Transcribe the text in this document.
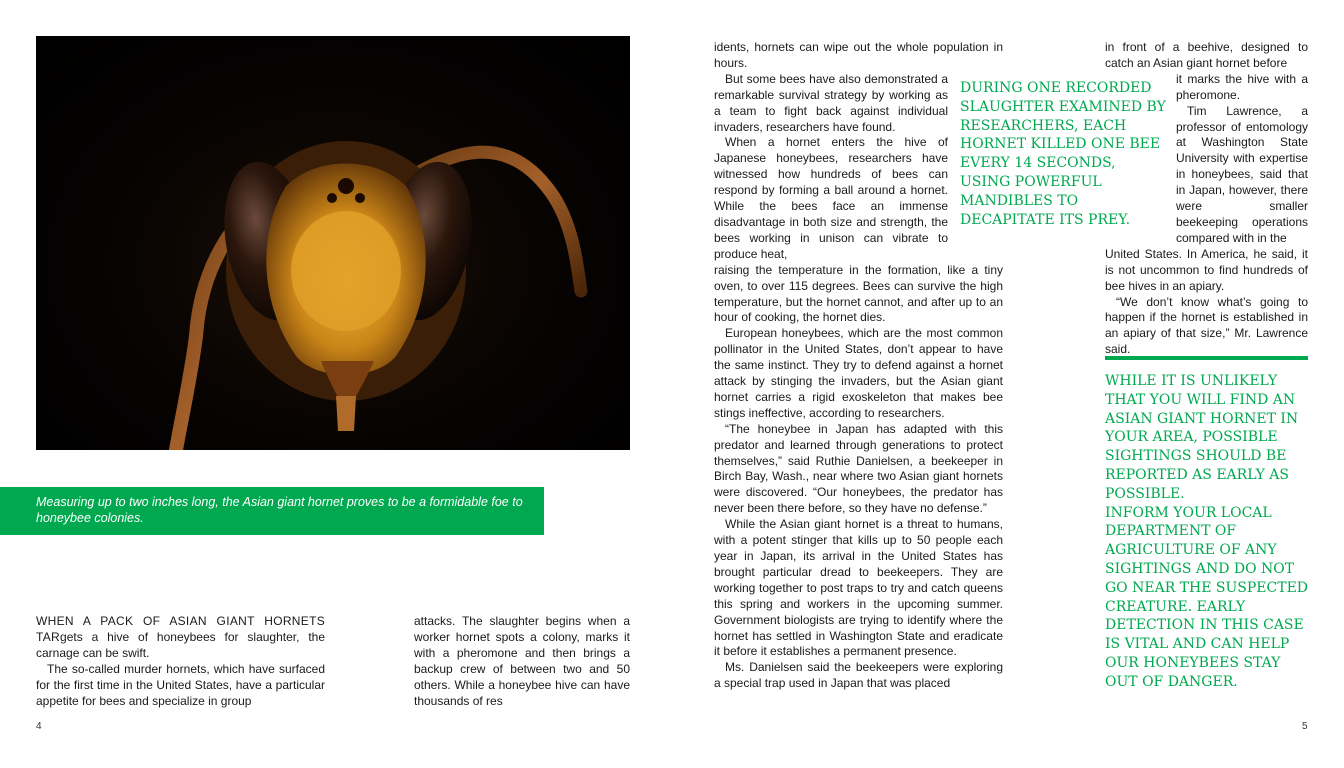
Measuring up to two inches long, the Asian giant hornet proves to be a formidable foe to honeybee colonies.

WHEN A PACK OF ASIAN GIANT HORNETS TARgets a hive of honeybees for slaughter, the carnage can be swift.

The so-called murder hornets, which have surfaced for the first time in the United States, have a particular appetite for bees and specialize in group

attacks. The slaughter begins when a worker hornet spots a colony, marks it with a pheromone and then brings a backup crew of between two and 50 others. While a honeybee hive can have thousands of res

idents, hornets can wipe out the whole population in hours.

But some bees have also demonstrated a remarkable survival strategy by working as a team to fight back against individual invaders, researchers have found.

When a hornet enters the hive of Japanese honeybees, researchers have witnessed how hundreds of bees can respond by forming a ball around a hornet. While the bees face an immense disadvantage in both size and strength, the bees working in unison can vibrate to produce heat,

raising the temperature in the formation, like a tiny oven, to over 115 degrees. Bees can survive the high temperature, but the hornet cannot, and after up to an hour of cooking, the hornet dies.

European honeybees, which are the most common pollinator in the United States, don’t appear to have the same instinct. They try to defend against a hornet attack by stinging the invaders, but the Asian giant hornet carries a rigid exoskeleton that makes bee stings ineffective, according to researchers.

“The honeybee in Japan has adapted with this predator and learned through generations to protect themselves,” said Ruthie Danielsen, a beekeeper in Birch Bay, Wash., near where two Asian giant hornets were discovered. “Our honeybees, the predator has never been there before, so they have no defense.”

While the Asian giant hornet is a threat to humans, with a potent stinger that kills up to 50 people each year in Japan, its arrival in the United States has brought particular dread to beekeepers. They are working together to post traps to try and catch queens this spring and workers in the upcoming summer. Government biologists are trying to identify where the hornet has settled in Washington State and eradicate it before it establishes a permanent presence.

Ms. Danielsen said the beekeepers were exploring a special trap used in Japan that was placed

in front of a beehive, designed to catch an Asian giant hornet before

it marks the hive with a pheromone.

Tim Lawrence, a professor of entomology at Washington State University with expertise in honeybees, said that in Japan, however, there were smaller beekeeping operations compared with in the

United States. In America, he said, it is not uncommon to find hundreds of bee hives in an apiary.

“We don’t know what’s going to happen if the hornet is established in an apiary of that size,” Mr. Lawrence said.

DURING ONE RECORDED SLAUGHTER EXAMINED BY RESEARCHERS, EACH HORNET KILLED ONE BEE EVERY 14 SECONDS, USING POWERFUL MANDIBLES TO DECAPITATE ITS PREY.
WHILE IT IS UNLIKELY THAT YOU WILL FIND AN ASIAN GIANT HORNET IN YOUR AREA, POSSIBLE SIGHTINGS SHOULD BE REPORTED AS EARLY AS POSSIBLE.
INFORM YOUR LOCAL DEPARTMENT OF AGRICULTURE OF ANY SIGHTINGS AND DO NOT GO NEAR THE SUSPECTED CREATURE. EARLY DETECTION IN THIS CASE IS VITAL AND CAN HELP OUR HONEYBEES STAY OUT OF DANGER.
4	5
